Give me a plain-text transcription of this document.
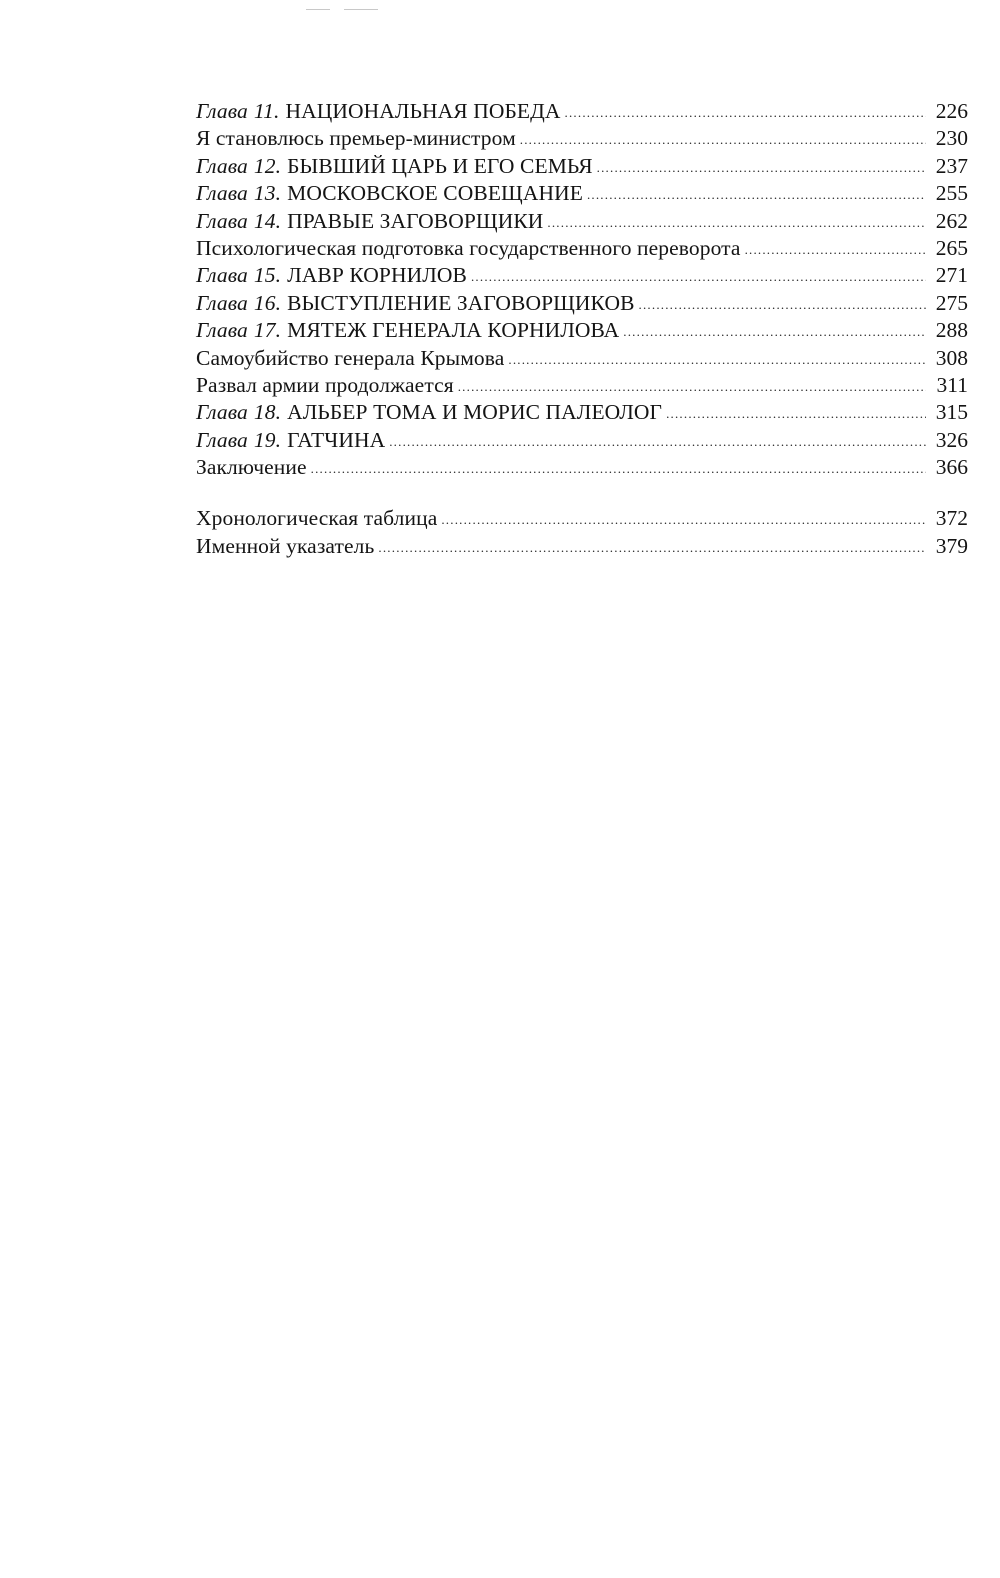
Глава 11. НАЦИОНАЛЬНАЯ ПОБЕДА .....	226
Я становлюсь премьер-министром .....	230
Глава 12. БЫВШИЙ ЦАРЬ И ЕГО СЕМЬЯ .....	237
Глава 13. МОСКОВСКОЕ СОВЕЩАНИЕ .....	255
Глава 14. ПРАВЫЕ ЗАГОВОРЩИКИ .....	262
Психологическая подготовка государственного переворота .....	265
Глава 15. ЛАВР КОРНИЛОВ .....	271
Глава 16. ВЫСТУПЛЕНИЕ ЗАГОВОРЩИКОВ .....	275
Глава 17. МЯТЕЖ ГЕНЕРАЛА КОРНИЛОВА .....	288
Самоубийство генерала Крымова .....	308
Развал армии продолжается .....	311
Глава 18. АЛЬБЕР ТОМА И МОРИС ПАЛЕОЛОГ .....	315
Глава 19. ГАТЧИНА .....	326
Заключение .....	366
Хронологическая таблица .....	372
Именной указатель .....	379
